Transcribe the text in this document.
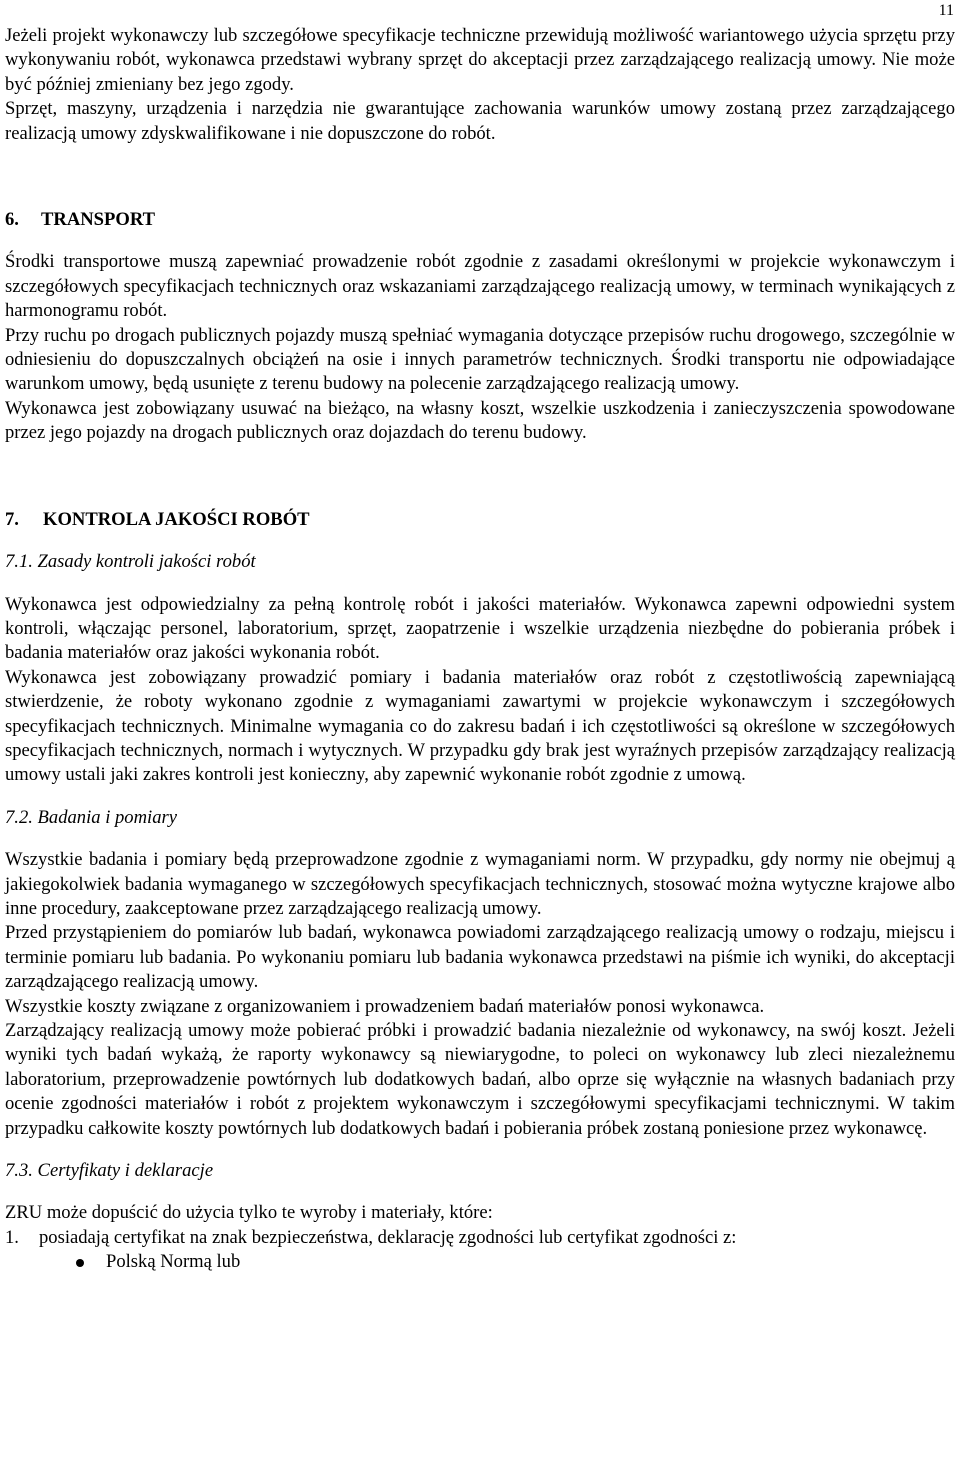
11

Jeżeli projekt wykonawczy lub szczegółowe specyfikacje techniczne przewidują możliwość wariantowego użycia sprzętu przy wykonywaniu robót, wykonawca przedstawi wybrany sprzęt do akceptacji przez zarządzającego realizacją umowy. Nie może być później zmieniany bez jego zgody.

Sprzęt, maszyny, urządzenia i narzędzia nie gwarantujące zachowania warunków umowy zostaną przez zarządzającego realizacją umowy zdyskwalifikowane i nie dopuszczone do robót.

6. TRANSPORT

Środki transportowe muszą zapewniać prowadzenie robót zgodnie z zasadami określonymi w projekcie wykonawczym i szczegółowych specyfikacjach technicznych oraz wskazaniami zarządzającego realizacją umowy, w terminach wynikających z harmonogramu robót.

Przy ruchu po drogach publicznych pojazdy muszą spełniać wymagania dotyczące przepisów ruchu drogowego, szczególnie w odniesieniu do dopuszczalnych obciążeń na osie i innych parametrów technicznych. Środki transportu nie odpowiadające warunkom umowy, będą usunięte z terenu budowy na polecenie zarządzającego realizacją umowy.

Wykonawca jest zobowiązany usuwać na bieżąco, na własny koszt, wszelkie uszkodzenia i zanieczyszczenia spowodowane przez jego pojazdy na drogach publicznych oraz dojazdach do terenu budowy.

7. KONTROLA JAKOŚCI ROBÓT
7.1. Zasady kontroli jakości robót

Wykonawca jest odpowiedzialny za pełną kontrolę robót i jakości materiałów. Wykonawca zapewni odpowiedni system kontroli, włączając personel, laboratorium, sprzęt, zaopatrzenie i wszelkie urządzenia niezbędne do pobierania próbek i badania materiałów oraz jakości wykonania robót.

Wykonawca jest zobowiązany prowadzić pomiary i badania materiałów oraz robót z częstotliwością zapewniającą stwierdzenie, że roboty wykonano zgodnie z wymaganiami zawartymi w projekcie wykonawczym i szczegółowych specyfikacjach technicznych. Minimalne wymagania co do zakresu badań i ich częstotliwości są określone w szczegółowych specyfikacjach technicznych, normach i wytycznych. W przypadku gdy brak jest wyraźnych przepisów zarządzający realizacją umowy ustali jaki zakres kontroli jest konieczny, aby zapewnić wykonanie robót zgodnie z umową.

7.2. Badania i pomiary

Wszystkie badania i pomiary będą przeprowadzone zgodnie z wymaganiami norm. W przypadku, gdy normy nie obejmuj ą jakiegokolwiek badania wymaganego w szczegółowych specyfikacjach technicznych, stosować można wytyczne krajowe albo inne procedury, zaakceptowane przez zarządzającego realizacją umowy.

Przed przystąpieniem do pomiarów lub badań, wykonawca powiadomi zarządzającego realizacją umowy o rodzaju, miejscu i terminie pomiaru lub badania. Po wykonaniu pomiaru lub badania wykonawca przedstawi na piśmie ich wyniki, do akceptacji zarządzającego realizacją umowy.

Wszystkie koszty związane z organizowaniem i prowadzeniem badań materiałów ponosi wykonawca.

Zarządzający realizacją umowy może pobierać próbki i prowadzić badania niezależnie od wykonawcy, na swój koszt. Jeżeli wyniki tych badań wykażą, że raporty wykonawcy są niewiarygodne, to poleci on wykonawcy lub zleci niezależnemu laboratorium, przeprowadzenie powtórnych lub dodatkowych badań, albo oprze się wyłącznie na własnych badaniach przy ocenie zgodności materiałów i robót z projektem wykonawczym i szczegółowymi specyfikacjami technicznymi. W takim przypadku całkowite koszty powtórnych lub dodatkowych badań i pobierania próbek zostaną poniesione przez wykonawcę.

7.3. Certyfikaty i deklaracje

ZRU może dopuścić do użycia tylko te wyroby i materiały, które:

1. posiadają certyfikat na znak bezpieczeństwa, deklarację zgodności lub certyfikat zgodności z:
Polską Normą lub
